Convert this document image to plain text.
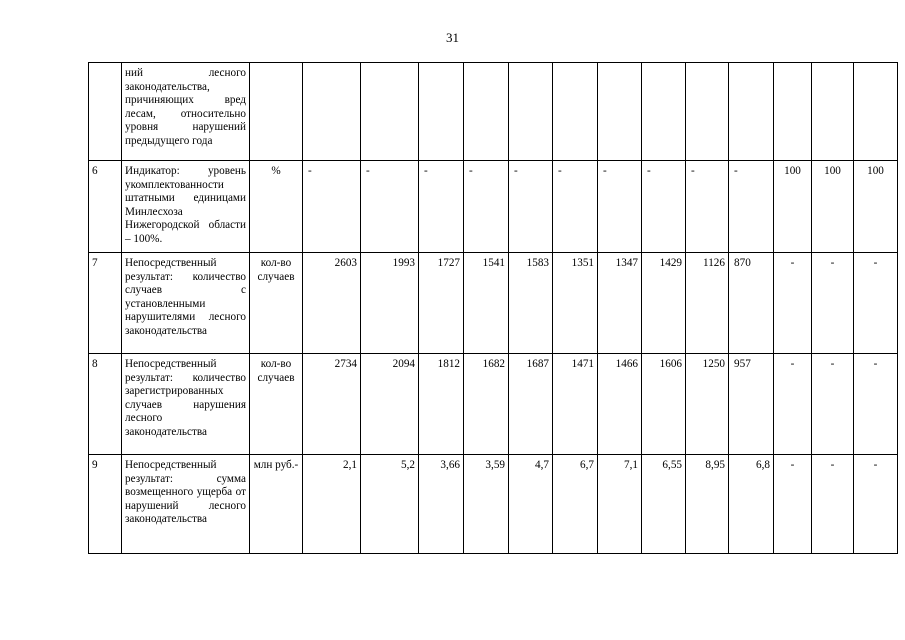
31
	ний лесного законодательства, причиняющих вред лесам, относительно уровня нарушений предыдущего года														
6	Индикатор: уровень укомплектованности штатными единицами Минлесхоза Нижегородской области – 100%.	%	-	-	-	-	-	-	-	-	-	-	100	100	100
7	Непосредственный результат: количество случаев с установленными нарушителями лесного законодательства	кол-во случаев	2603	1993	1727	1541	1583	1351	1347	1429	1126	870	-	-	-
8	Непосредственный результат: количество зарегистрированных случаев нарушения лесного законодательства	кол-во случаев	2734	2094	1812	1682	1687	1471	1466	1606	1250	957	-	-	-
9	Непосредственный результат: сумма возмещенного ущерба от нарушений лесного законодательства	млн руб.-	2,1	5,2	3,66	3,59	4,7	6,7	7,1	6,55	8,95	6,8	-	-	-
